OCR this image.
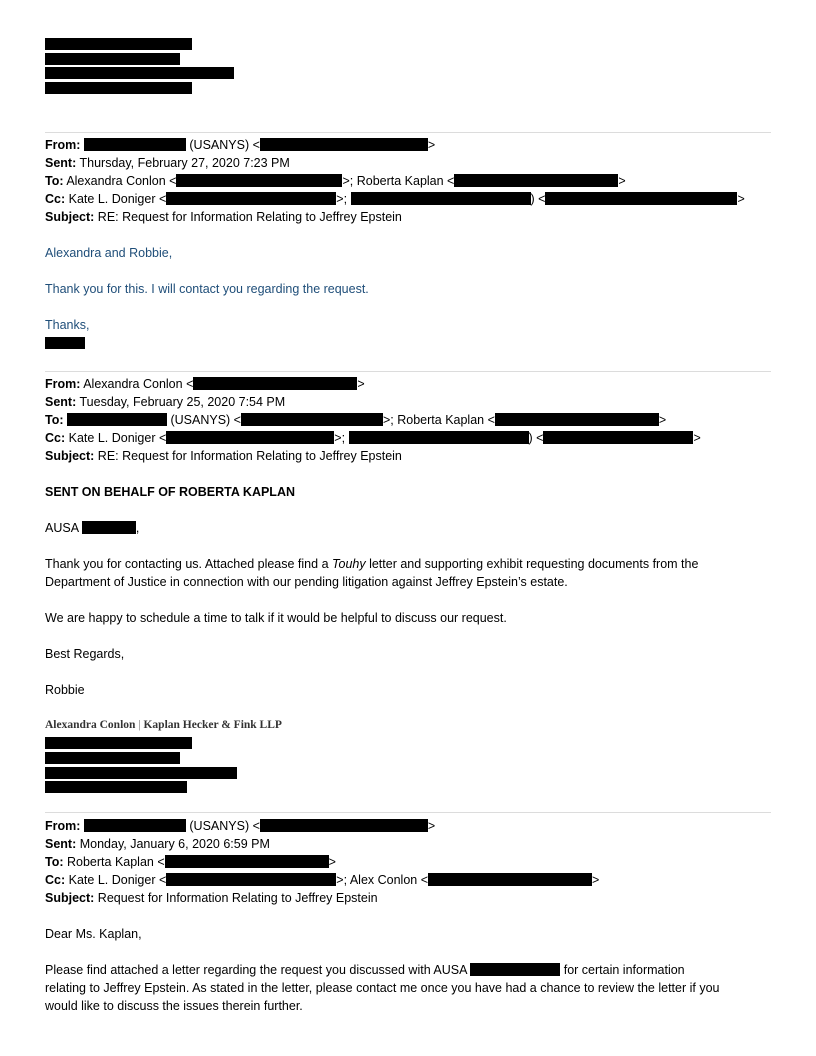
From:	(USANYS) <	>
Sent: Thursday, February 27, 2020 7:23 PM
To: Alexandra Conlon <	>; Roberta Kaplan <	>
Cc: Kate L. Doniger <	>;	) <	>
Subject: RE: Request for Information Relating to Jeffrey Epstein
Alexandra and Robbie,
Thank you for this. I will contact you regarding the request.
Thanks,
From: Alexandra Conlon <	>
Sent: Tuesday, February 25, 2020 7:54 PM
To:	(USANYS) <	>; Roberta Kaplan <	>
Cc: Kate L. Doniger <	>;	) <	>
Subject: RE: Request for Information Relating to Jeffrey Epstein
SENT ON BEHALF OF ROBERTA KAPLAN
AUSA	,
Thank you for contacting us. Attached please find a Touhy letter and supporting exhibit requesting documents from the
Department of Justice in connection with our pending litigation against Jeffrey Epstein’s estate.
We are happy to schedule a time to talk if it would be helpful to discuss our request.
Best Regards,
Robbie
Alexandra Conlon | Kaplan Hecker & Fink LLP
From:	(USANYS) <	>
Sent: Monday, January 6, 2020 6:59 PM
To: Roberta Kaplan <	>
Cc: Kate L. Doniger <	>; Alex Conlon <	>
Subject: Request for Information Relating to Jeffrey Epstein
Dear Ms. Kaplan,
Please find attached a letter regarding the request you discussed with AUSA	for certain information
relating to Jeffrey Epstein. As stated in the letter, please contact me once you have had a chance to review the letter if you
would like to discuss the issues therein further.
